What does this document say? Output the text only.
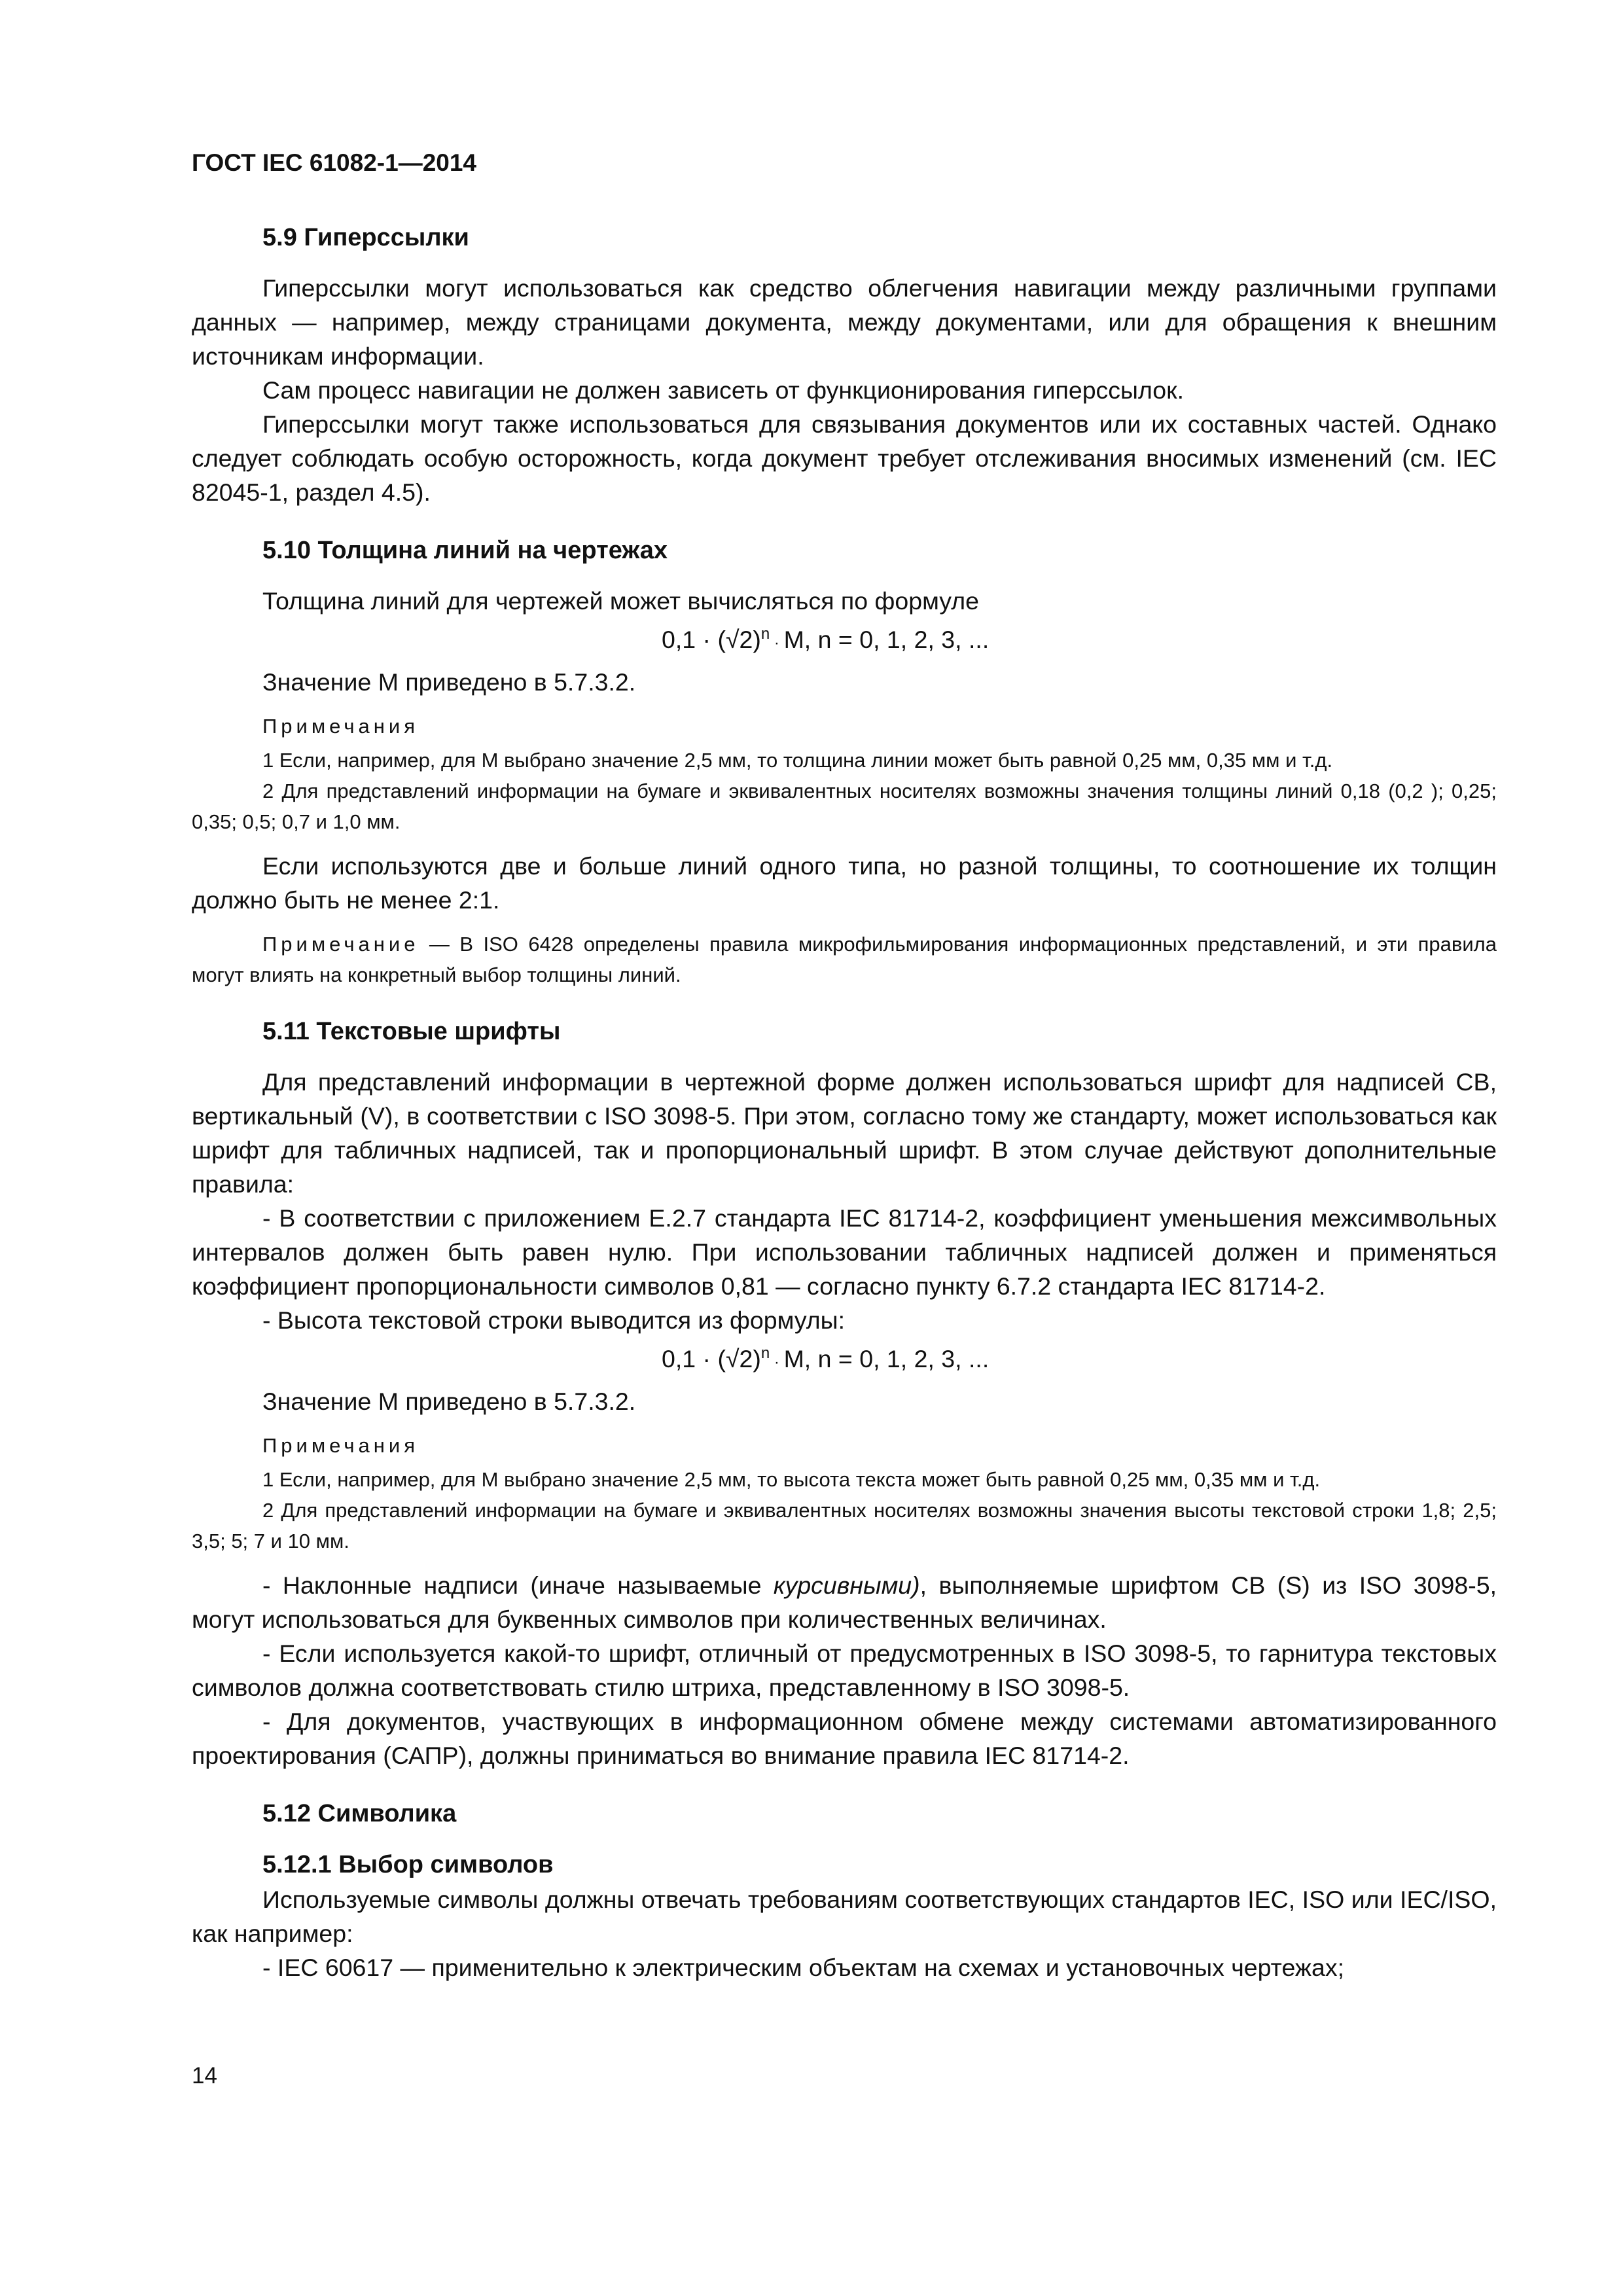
ГОСТ IEC 61082-1—2014
5.9 Гиперссылки

Гиперссылки могут использоваться как средство облегчения навигации между различными группами данных — например, между страницами документа, между документами, или для обращения к внешним источникам информации.

Сам процесс навигации не должен зависеть от функционирования гиперссылок.

Гиперссылки могут также использоваться для связывания документов или их составных частей. Однако следует соблюдать особую осторожность, когда документ требует отслеживания вносимых изменений (см. IEC 82045-1, раздел 4.5).

5.10 Толщина линий на чертежах

Толщина линий для чертежей может вычисляться по формуле

$0,1 \cdot (√2)^n \cdot M$, n = 0, 1, 2, 3, ...

Значение M приведено в 5.7.3.2.

Примечания

1 Если, например, для M выбрано значение 2,5 мм, то толщина линии может быть равной 0,25 мм, 0,35 мм и т.д.

2 Для представлений информации на бумаге и эквивалентных носителях возможны значения толщины линий 0,18 (0,2 ); 0,25; 0,35; 0,5; 0,7 и 1,0 мм.

Если используются две и больше линий одного типа, но разной толщины, то соотношение их толщин должно быть не менее 2:1.

Примечание — В ISO 6428 определены правила микрофильмирования информационных представлений, и эти правила могут влиять на конкретный выбор толщины линий.

5.11 Текстовые шрифты

Для представлений информации в чертежной форме должен использоваться шрифт для надписей CB, вертикальный (V), в соответствии с ISO 3098-5. При этом, согласно тому же стандарту, может использоваться как шрифт для табличных надписей, так и пропорциональный шрифт. В этом случае действуют дополнительные правила:

- В соответствии с приложением E.2.7 стандарта IEC 81714-2, коэффициент уменьшения межсимвольных интервалов должен быть равен нулю. При использовании табличных надписей должен и применяться коэффициент пропорциональности символов 0,81 — согласно пункту 6.7.2 стандарта IEC 81714-2.

- Высота текстовой строки выводится из формулы:

$0,1 \cdot (√2)^n \cdot M$, n = 0, 1, 2, 3, ...

Значение M приведено в 5.7.3.2.

Примечания

1 Если, например, для M выбрано значение 2,5 мм, то высота текста может быть равной 0,25 мм, 0,35 мм и т.д.

2 Для представлений информации на бумаге и эквивалентных носителях возможны значения высоты текстовой строки 1,8; 2,5; 3,5; 5; 7 и 10 мм.

- Наклонные надписи (иначе называемые курсивными), выполняемые шрифтом CB (S) из ISO 3098-5, могут использоваться для буквенных символов при количественных величинах.

- Если используется какой-то шрифт, отличный от предусмотренных в ISO 3098-5, то гарнитура текстовых символов должна соответствовать стилю штриха, представленному в ISO 3098-5.

- Для документов, участвующих в информационном обмене между системами автоматизированного проектирования (САПР), должны приниматься во внимание правила IEC 81714-2.

5.12 Символика
5.12.1 Выбор символов

Используемые символы должны отвечать требованиям соответствующих стандартов IEC, ISO или IEC/ISO, как например:

- IEC 60617 — применительно к электрическим объектам на схемах и установочных чертежах;

14
